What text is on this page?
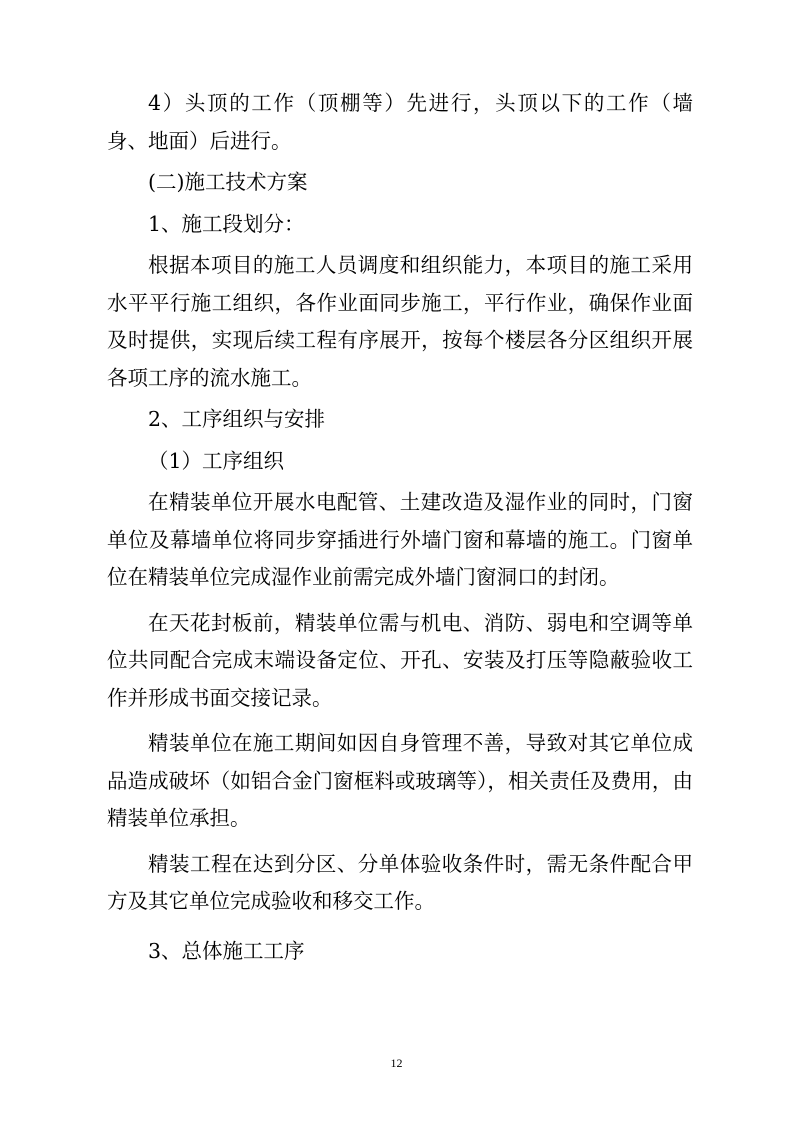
4）头顶的工作（顶棚等）先进行，头顶以下的工作（墙身、地面）后进行。

(二)施工技术方案

1、施工段划分：

根据本项目的施工人员调度和组织能力，本项目的施工采用水平平行施工组织，各作业面同步施工，平行作业，确保作业面及时提供，实现后续工程有序展开，按每个楼层各分区组织开展各项工序的流水施工。

2、工序组织与安排

（1）工序组织

在精装单位开展水电配管、土建改造及湿作业的同时，门窗单位及幕墙单位将同步穿插进行外墙门窗和幕墙的施工。门窗单位在精装单位完成湿作业前需完成外墙门窗洞口的封闭。

在天花封板前，精装单位需与机电、消防、弱电和空调等单位共同配合完成末端设备定位、开孔、安装及打压等隐蔽验收工作并形成书面交接记录。

精装单位在施工期间如因自身管理不善，导致对其它单位成品造成破坏（如铝合金门窗框料或玻璃等），相关责任及费用，由精装单位承担。

精装工程在达到分区、分单体验收条件时，需无条件配合甲方及其它单位完成验收和移交工作。

3、总体施工工序

12
